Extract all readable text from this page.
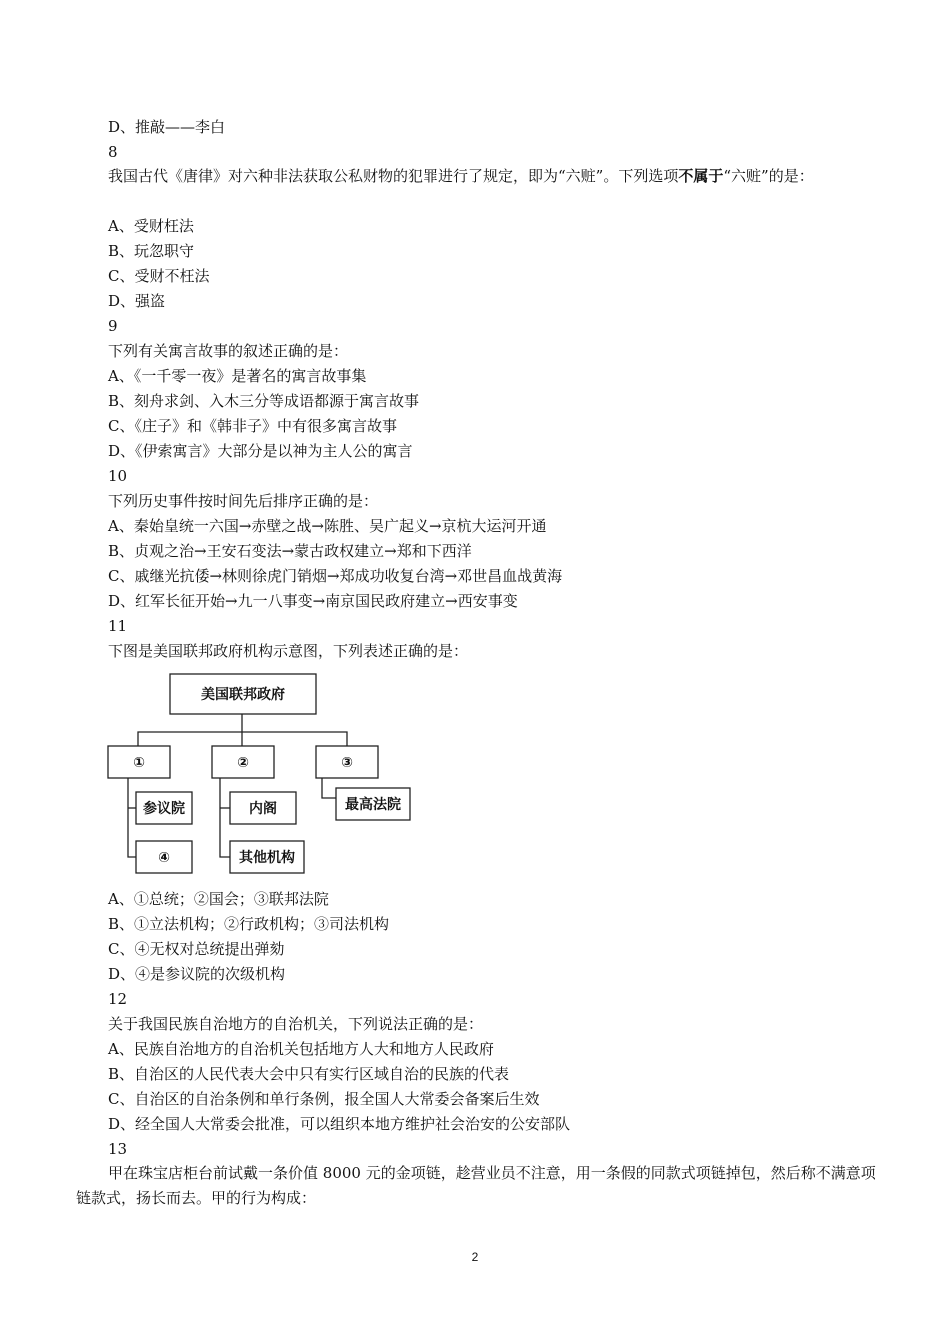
D、推敲——李白
8
我国古代《唐律》对六种非法获取公私财物的犯罪进行了规定，即为“六赃”。下列选项不属于“六赃”的是：
A、受财枉法
B、玩忽职守
C、受财不枉法
D、强盗
9
下列有关寓言故事的叙述正确的是：
A、《一千零一夜》是著名的寓言故事集
B、刻舟求剑、入木三分等成语都源于寓言故事
C、《庄子》和《韩非子》中有很多寓言故事
D、《伊索寓言》大部分是以神为主人公的寓言
10
下列历史事件按时间先后排序正确的是：
A、秦始皇统一六国→赤壁之战→陈胜、吴广起义→京杭大运河开通
B、贞观之治→王安石变法→蒙古政权建立→郑和下西洋
C、戚继光抗倭→林则徐虎门销烟→郑成功收复台湾→邓世昌血战黄海
D、红军长征开始→九一八事变→南京国民政府建立→西安事变
11
下图是美国联邦政府机构示意图，下列表述正确的是：
美国联邦政府
①	②	③
参议院
④
内阁
其他机构
最高法院
A、①总统；②国会；③联邦法院
B、①立法机构；②行政机构；③司法机构
C、④无权对总统提出弹劾
D、④是参议院的次级机构
12
关于我国民族自治地方的自治机关，下列说法正确的是：
A、民族自治地方的自治机关包括地方人大和地方人民政府
B、自治区的人民代表大会中只有实行区域自治的民族的代表
C、自治区的自治条例和单行条例，报全国人大常委会备案后生效
D、经全国人大常委会批准，可以组织本地方维护社会治安的公安部队
13
甲在珠宝店柜台前试戴一条价值 8000 元的金项链，趁营业员不注意，用一条假的同款式项链掉包，然后称不满意项链款式，扬长而去。甲的行为构成：
2
